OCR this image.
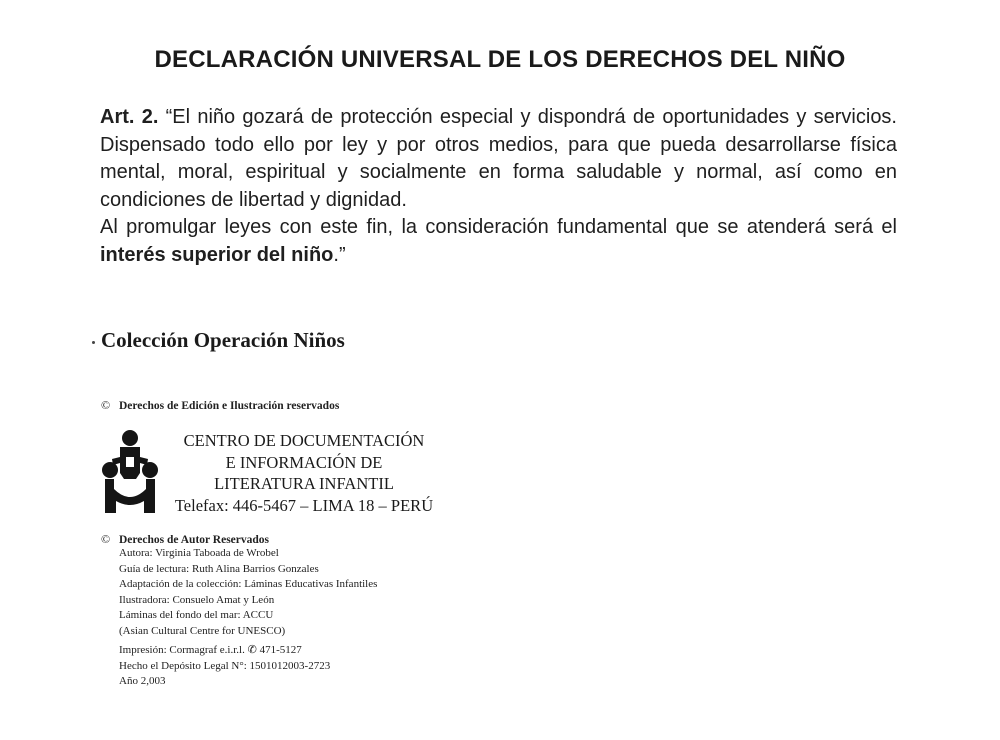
DECLARACIÓN UNIVERSAL DE LOS DERECHOS DEL NIÑO

Art. 2. “El niño gozará de protección especial y dispondrá de oportunidades y servicios. Dispensado todo ello por ley y por otros medios, para que pueda desarrollarse física mental, moral, espiritual y socialmente en forma saludable y normal, así como en condiciones de libertad y dignidad.

Al promulgar leyes con este fin, la consideración fundamental que se atenderá será el interés superior del niño.”

Colección Operación Niños
© Derechos de Edición e Ilustración reservados
CENTRO DE DOCUMENTACIÓN
E INFORMACIÓN DE
LITERATURA INFANTIL
Telefax: 446-5467 – LIMA 18 – PERÚ
© Derechos de Autor Reservados
Autora: Virginia Taboada de Wrobel
Guía de lectura: Ruth Alina Barrios Gonzales
Adaptación de la colección: Láminas Educativas Infantiles
Ilustradora: Consuelo Amat y León
Láminas del fondo del mar: ACCU
(Asian Cultural Centre for UNESCO)
Impresión: Cormagraf e.i.r.l. ✆ 471-5127
Hecho el Depósito Legal N°: 1501012003-2723
Año 2,003
